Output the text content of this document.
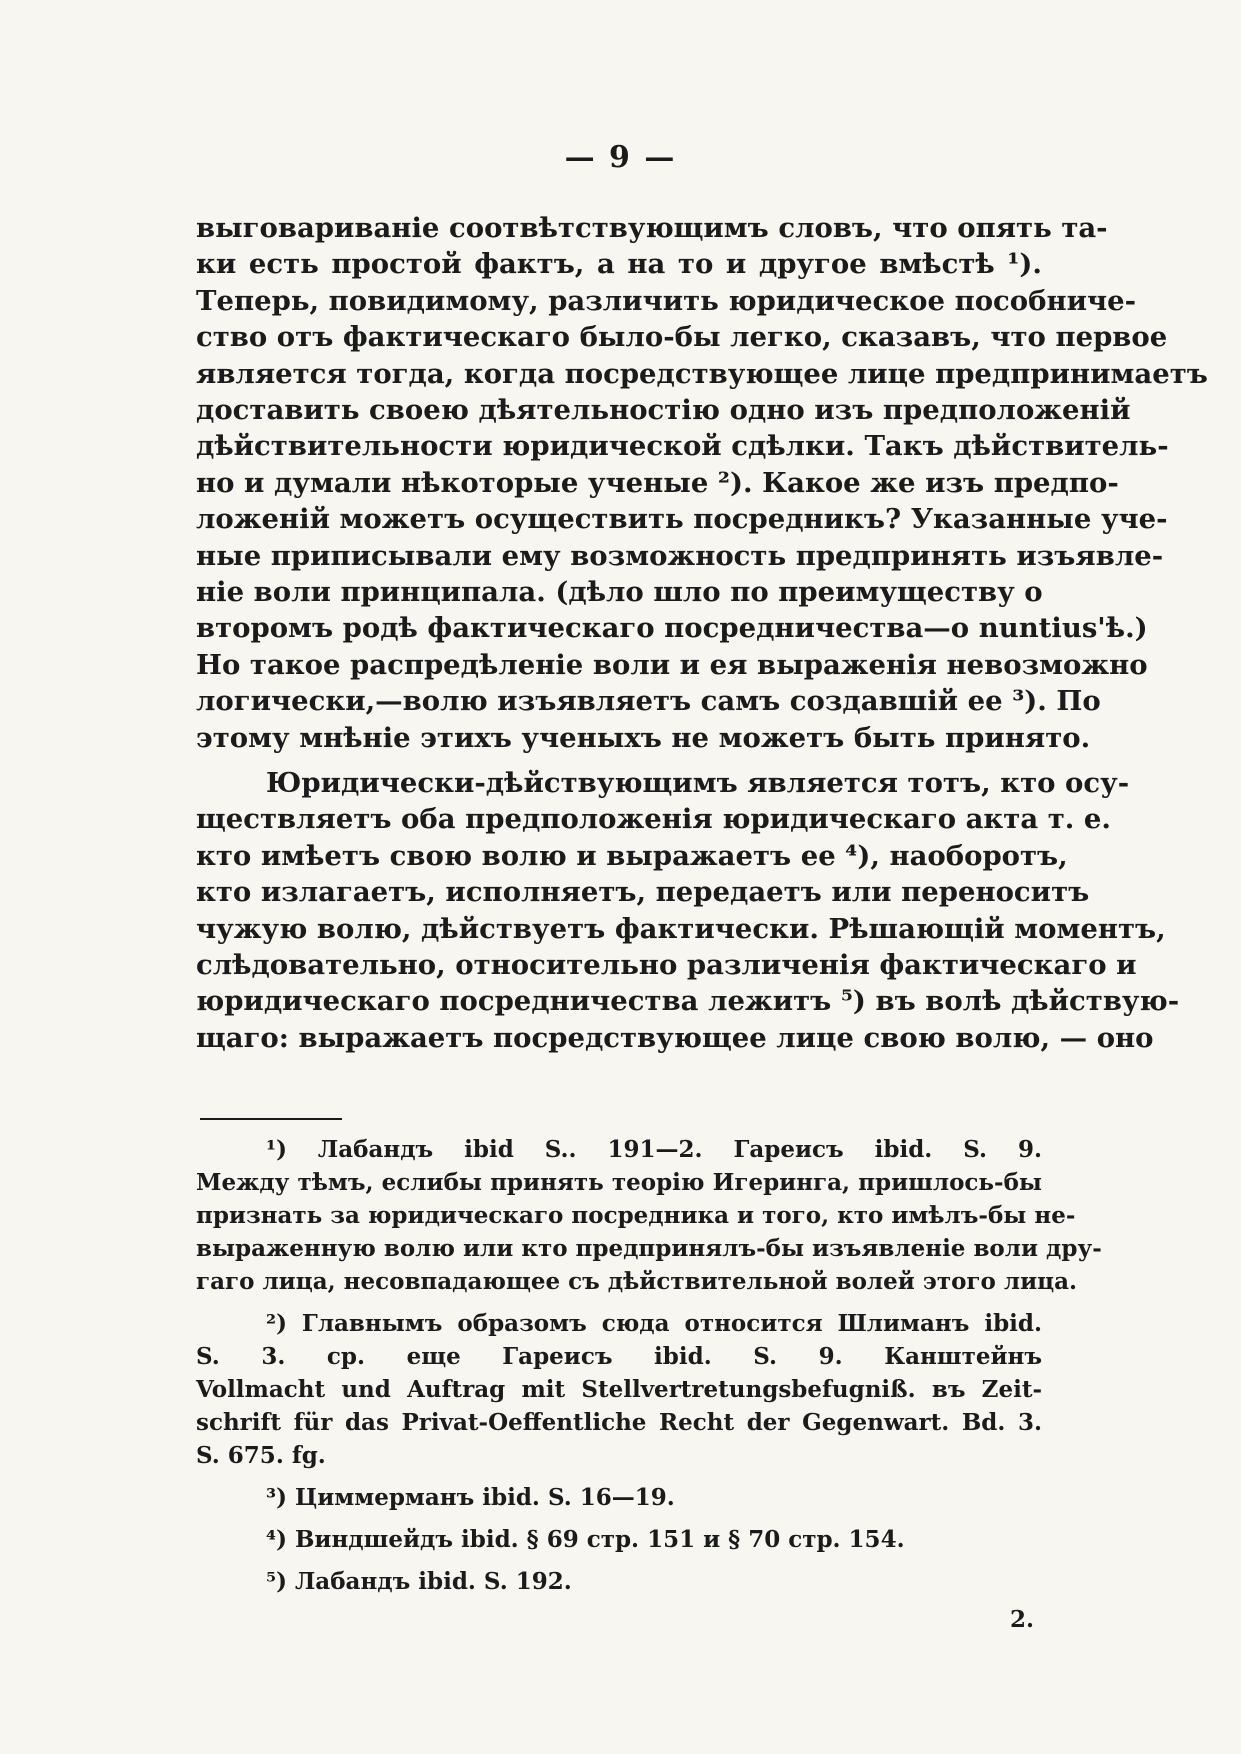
— 9 —
выговариванiе соотвѣтствующимъ словъ, что опять та-
ки есть простой фактъ, а на то и другое вмѣстѣ ¹).
Теперь, повидимому, различить юридическое пособниче-
ство отъ фактическаго было-бы легко, сказавъ, что первое
является тогда, когда посредствующее лице предпринимаетъ
доставить своею дѣятельностiю одно изъ предположенiй
дѣйствительности юридической сдѣлки. Такъ дѣйствитель-
но и думали нѣкоторые ученые ²). Какое же изъ предпо-
ложенiй можетъ осуществить посредникъ? Указанные уче-
ные приписывали ему возможность предпринять изъявле-
нiе воли принципала. (дѣло шло по преимуществу о
второмъ родѣ фактическаго посредничества—о nuntius'ѣ.)
Но такое распредѣленiе воли и ея выраженiя невозможно
логически,—волю изъявляетъ самъ создавшiй ее ³). По
этому мнѣнiе этихъ ученыхъ не можетъ быть принято.
Юридически-дѣйствующимъ является тотъ, кто осу-
ществляетъ оба предположенiя юридическаго акта т. е.
кто имѣетъ свою волю и выражаетъ ее ⁴), наоборотъ,
кто излагаетъ, исполняетъ, передаетъ или переноситъ
чужую волю, дѣйствуетъ фактически. Рѣшающiй моментъ,
слѣдовательно, относительно различенiя фактическаго и
юридическаго посредничества лежитъ ⁵) въ волѣ дѣйствую-
щаго: выражаетъ посредствующее лице свою волю, — оно
¹) Лабандъ ibid S.. 191—2. Гареисъ ibid. S. 9.
Между тѣмъ, еслибы принять теорiю Игеринга, пришлось-бы
признать за юридическаго посредника и того, кто имѣлъ-бы не-
выраженную волю или кто предпринялъ-бы изъявленiе воли дру-
гаго лица, несовпадающее съ дѣйствительной волей этого лица.
²) Главнымъ образомъ сюда относится Шлиманъ ibid.
S. 3. ср. еще Гареисъ ibid. S. 9. Канштейнъ
Vollmacht und Auftrag mit Stellvertretungsbefugniß. въ Zeit-
schrift für das Privat-Oeffentliche Recht der Gegenwart. Bd. 3.
S. 675. fg.
³) Циммерманъ ibid. S. 16—19.
⁴) Виндшейдъ ibid. § 69 стр. 151 и § 70 стр. 154.
⁵) Лабандъ ibid. S. 192.
2.
